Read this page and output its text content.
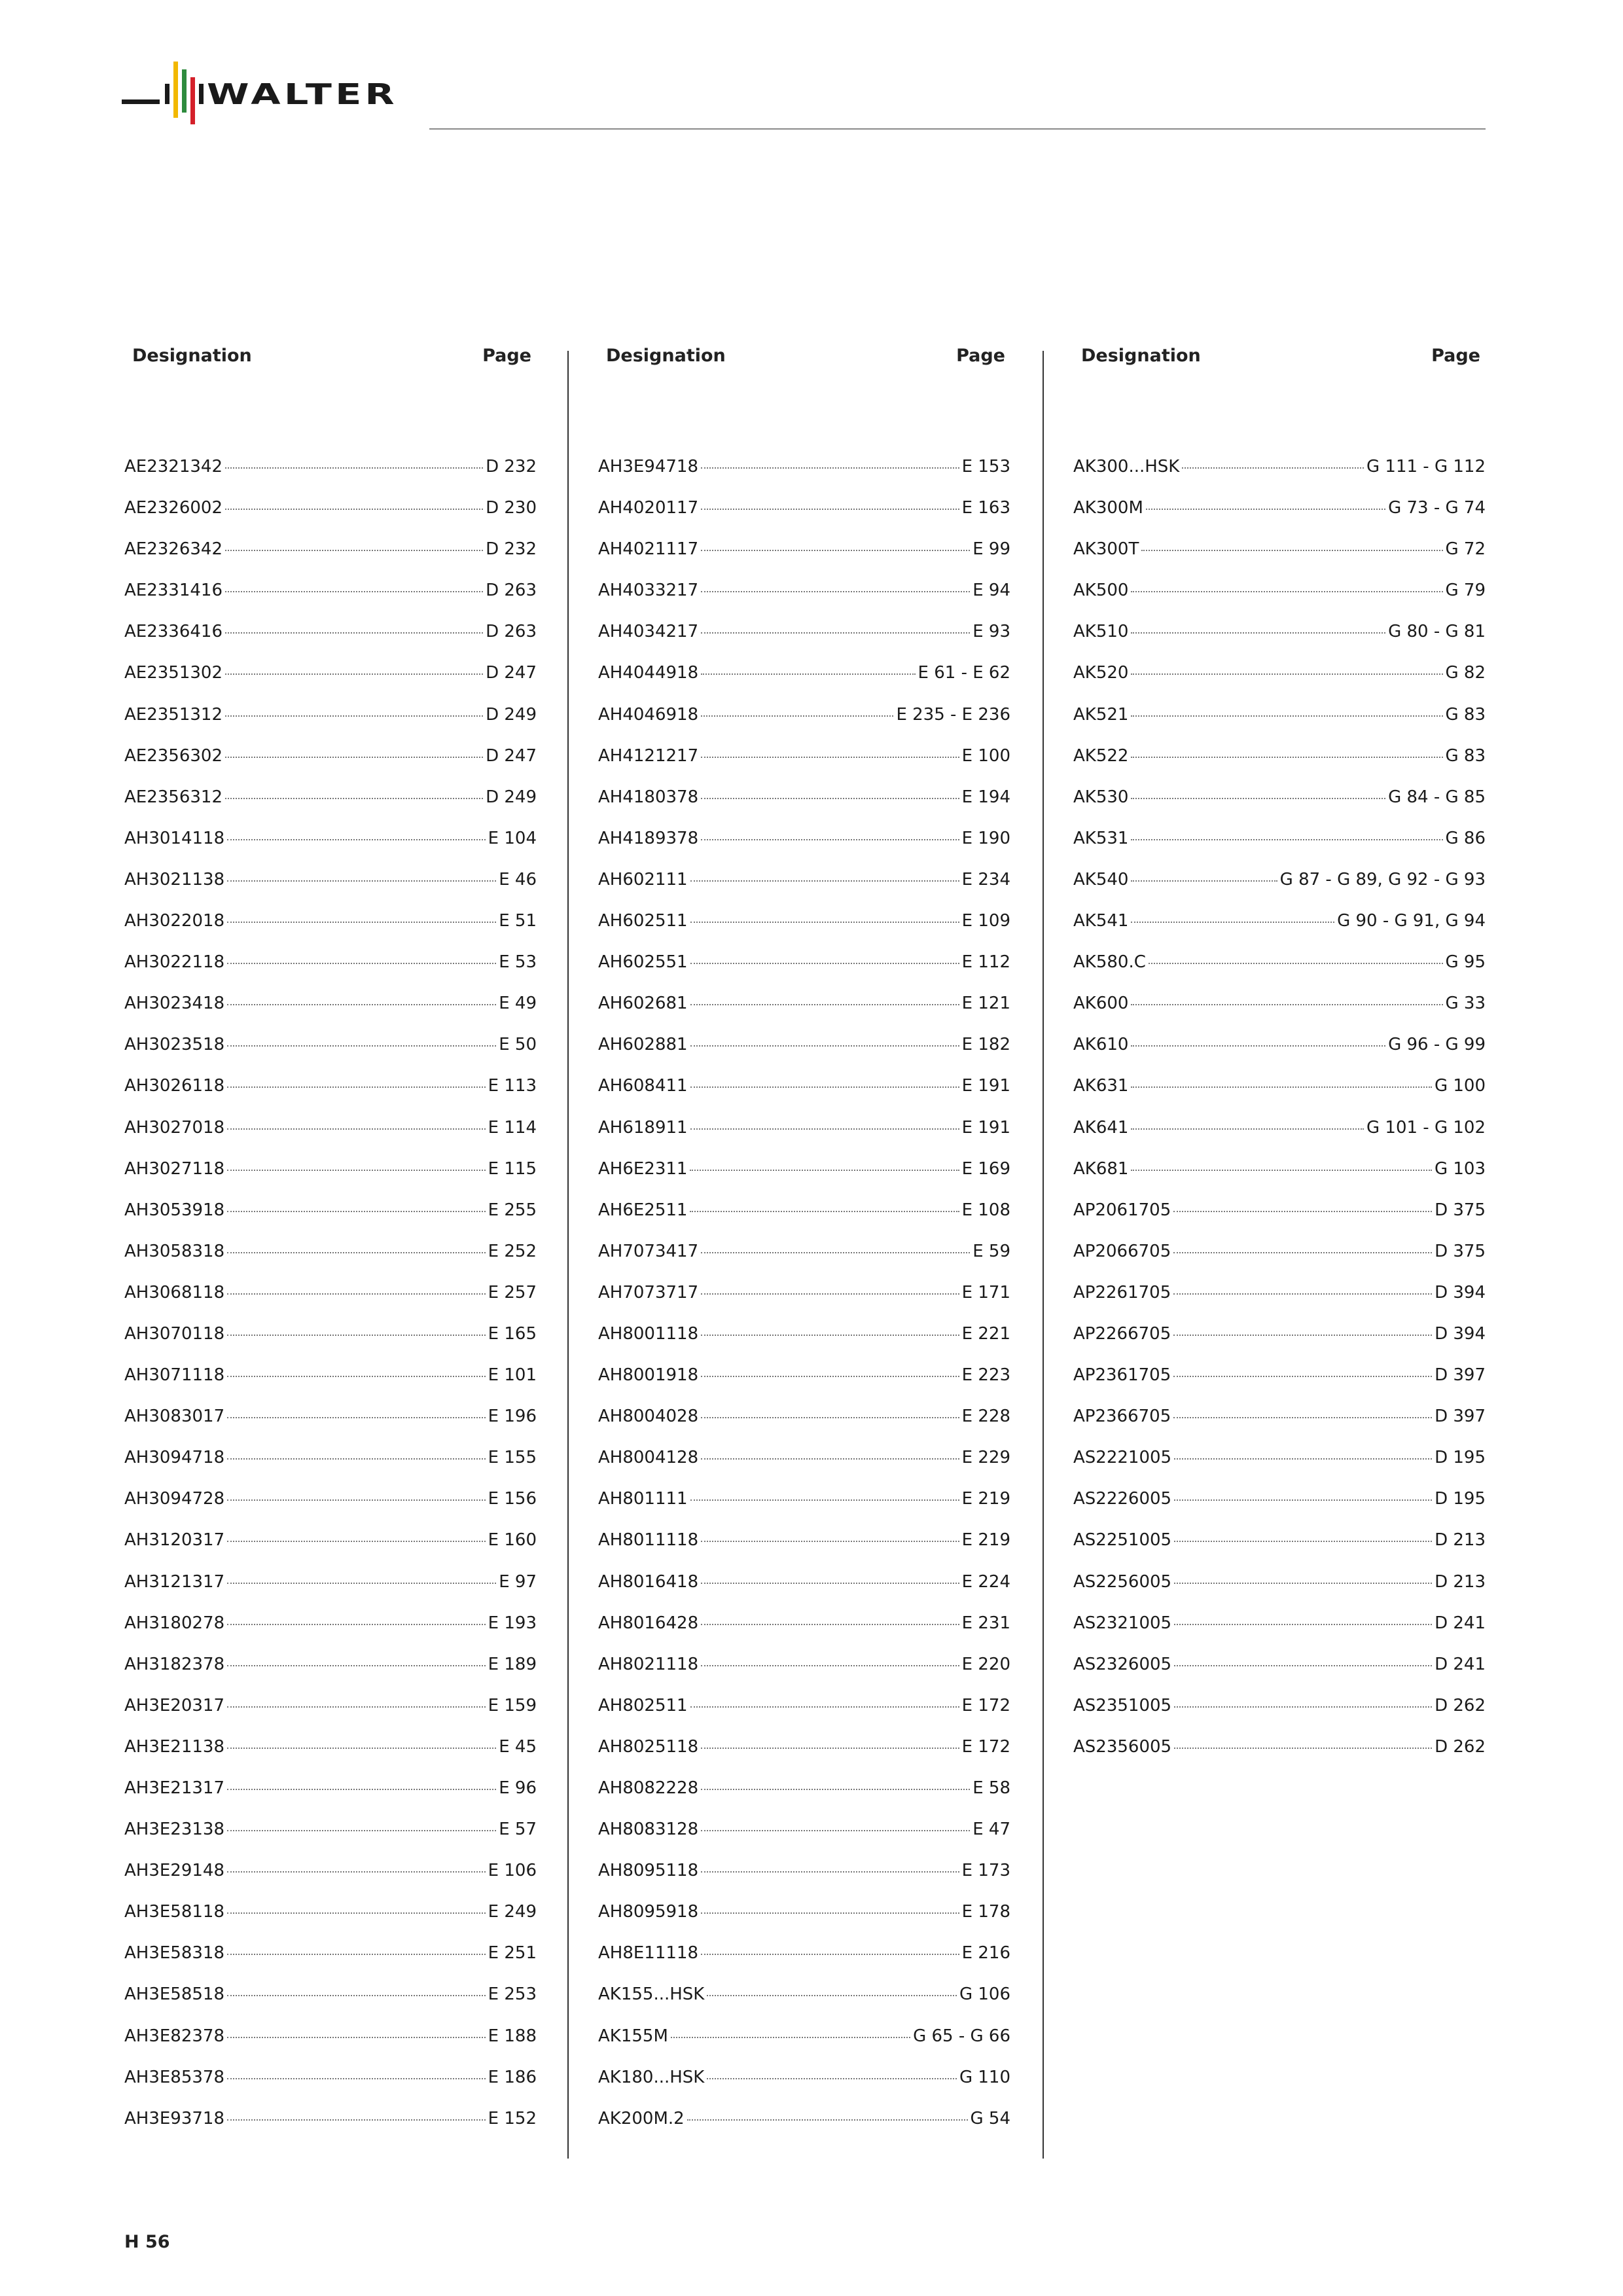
WALTER
Designation	Page
AE2321342	D 232
AE2326002	D 230
AE2326342	D 232
AE2331416	D 263
AE2336416	D 263
AE2351302	D 247
AE2351312	D 249
AE2356302	D 247
AE2356312	D 249
AH3014118	E 104
AH3021138	E 46
AH3022018	E 51
AH3022118	E 53
AH3023418	E 49
AH3023518	E 50
AH3026118	E 113
AH3027018	E 114
AH3027118	E 115
AH3053918	E 255
AH3058318	E 252
AH3068118	E 257
AH3070118	E 165
AH3071118	E 101
AH3083017	E 196
AH3094718	E 155
AH3094728	E 156
AH3120317	E 160
AH3121317	E 97
AH3180278	E 193
AH3182378	E 189
AH3E20317	E 159
AH3E21138	E 45
AH3E21317	E 96
AH3E23138	E 57
AH3E29148	E 106
AH3E58118	E 249
AH3E58318	E 251
AH3E58518	E 253
AH3E82378	E 188
AH3E85378	E 186
AH3E93718	E 152
Designation	Page
AH3E94718	E 153
AH4020117	E 163
AH4021117	E 99
AH4033217	E 94
AH4034217	E 93
AH4044918	E 61 - E 62
AH4046918	E 235 - E 236
AH4121217	E 100
AH4180378	E 194
AH4189378	E 190
AH602111	E 234
AH602511	E 109
AH602551	E 112
AH602681	E 121
AH602881	E 182
AH608411	E 191
AH618911	E 191
AH6E2311	E 169
AH6E2511	E 108
AH7073417	E 59
AH7073717	E 171
AH8001118	E 221
AH8001918	E 223
AH8004028	E 228
AH8004128	E 229
AH801111	E 219
AH8011118	E 219
AH8016418	E 224
AH8016428	E 231
AH8021118	E 220
AH802511	E 172
AH8025118	E 172
AH8082228	E 58
AH8083128	E 47
AH8095118	E 173
AH8095918	E 178
AH8E11118	E 216
AK155...HSK	G 106
AK155M	G 65 - G 66
AK180...HSK	G 110
AK200M.2	G 54
Designation	Page
AK300...HSK	G 111 - G 112
AK300M	G 73 - G 74
AK300T	G 72
AK500	G 79
AK510	G 80 - G 81
AK520	G 82
AK521	G 83
AK522	G 83
AK530	G 84 - G 85
AK531	G 86
AK540	G 87 - G 89, G 92 - G 93
AK541	G 90 - G 91, G 94
AK580.C	G 95
AK600	G 33
AK610	G 96 - G 99
AK631	G 100
AK641	G 101 - G 102
AK681	G 103
AP2061705	D 375
AP2066705	D 375
AP2261705	D 394
AP2266705	D 394
AP2361705	D 397
AP2366705	D 397
AS2221005	D 195
AS2226005	D 195
AS2251005	D 213
AS2256005	D 213
AS2321005	D 241
AS2326005	D 241
AS2351005	D 262
AS2356005	D 262
H 56
